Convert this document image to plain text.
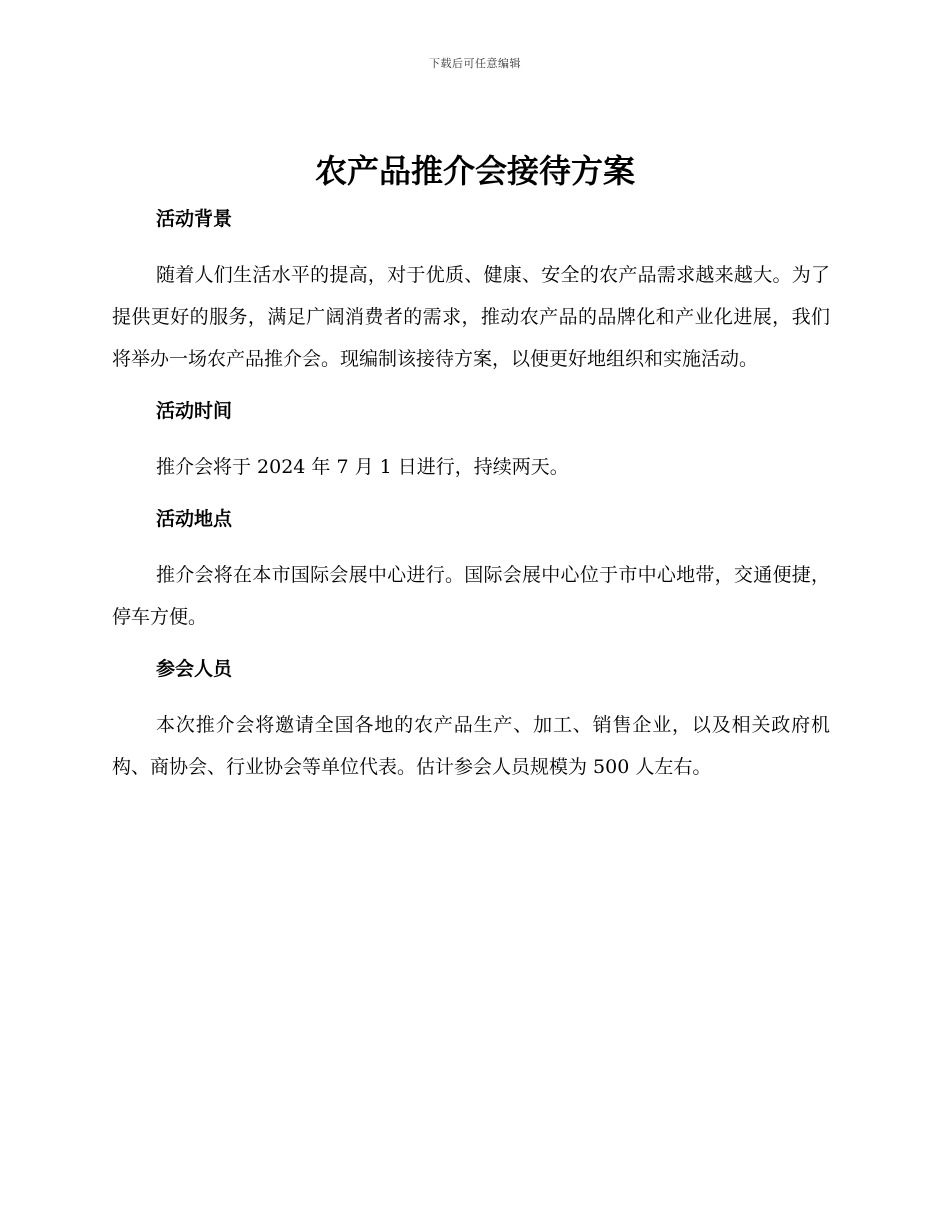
下载后可任意编辑
农产品推介会接待方案
活动背景

随着人们生活水平的提高，对于优质、健康、安全的农产品需求越来越大。为了提供更好的服务，满足广阔消费者的需求，推动农产品的品牌化和产业化进展，我们将举办一场农产品推介会。现编制该接待方案，以便更好地组织和实施活动。

活动时间

推介会将于 2024 年 7 月 1 日进行，持续两天。

活动地点

推介会将在本市国际会展中心进行。国际会展中心位于市中心地带，交通便捷，停车方便。

参会人员

本次推介会将邀请全国各地的农产品生产、加工、销售企业，以及相关政府机构、商协会、行业协会等单位代表。估计参会人员规模为 500 人左右。
